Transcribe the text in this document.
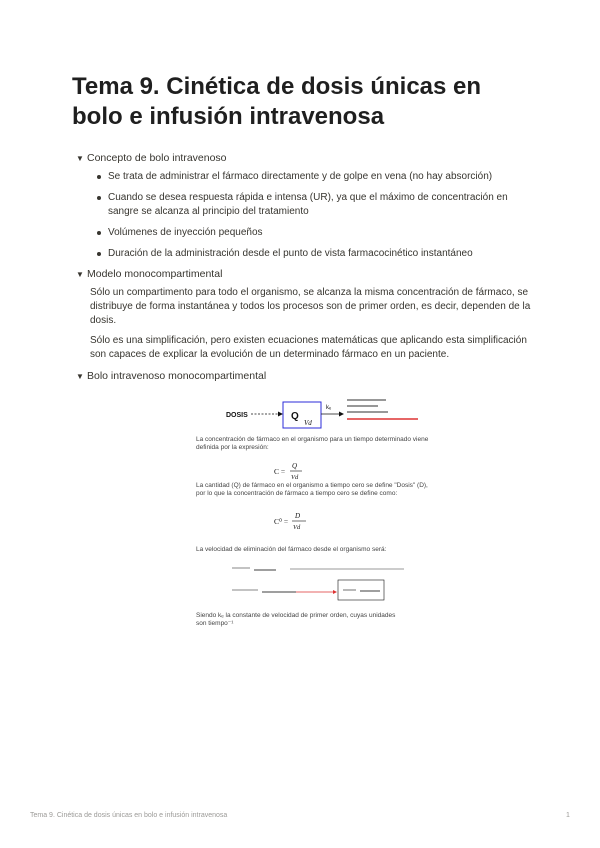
Tema 9. Cinética de dosis únicas en bolo e infusión intravenosa
▼ Concepto de bolo intravenoso
Se trata de administrar el fármaco directamente y de golpe en vena (no hay absorción)
Cuando se desea respuesta rápida e intensa (UR), ya que el máximo de concentración en sangre se alcanza al principio del tratamiento
Volúmenes de inyección pequeños
Duración de la administración desde el punto de vista farmacocinético instantáneo
▼ Modelo monocompartimental

Sólo un compartimento para todo el organismo, se alcanza la misma concentración de fármaco, se distribuye de forma instantánea y todos los procesos son de primer orden, es decir, dependen de la dosis.

Sólo es una simplificación, pero existen ecuaciones matemáticas que aplicando esta simplificación son capaces de explicar la evolución de un determinado fármaco en un paciente.

▼ Bolo intravenoso monocompartimental
DOSIS	Q
Vd
kₑ
C =
Q
Vd
C⁰ =
D
Vd
La concentración de fármaco en el organismo para un tiempo determinado viene definida por la expresión:
La cantidad (Q) de fármaco en el organismo a tiempo cero se define "Dosis" (D), por lo que la concentración de fármaco a tiempo cero se define como:
La velocidad de eliminación del fármaco desde el organismo será:
Siendo kₑ la constante de velocidad de primer orden, cuyas unidades son tiempo⁻¹
Tema 9. Cinética de dosis únicas en bolo e infusión intravenosa	1
